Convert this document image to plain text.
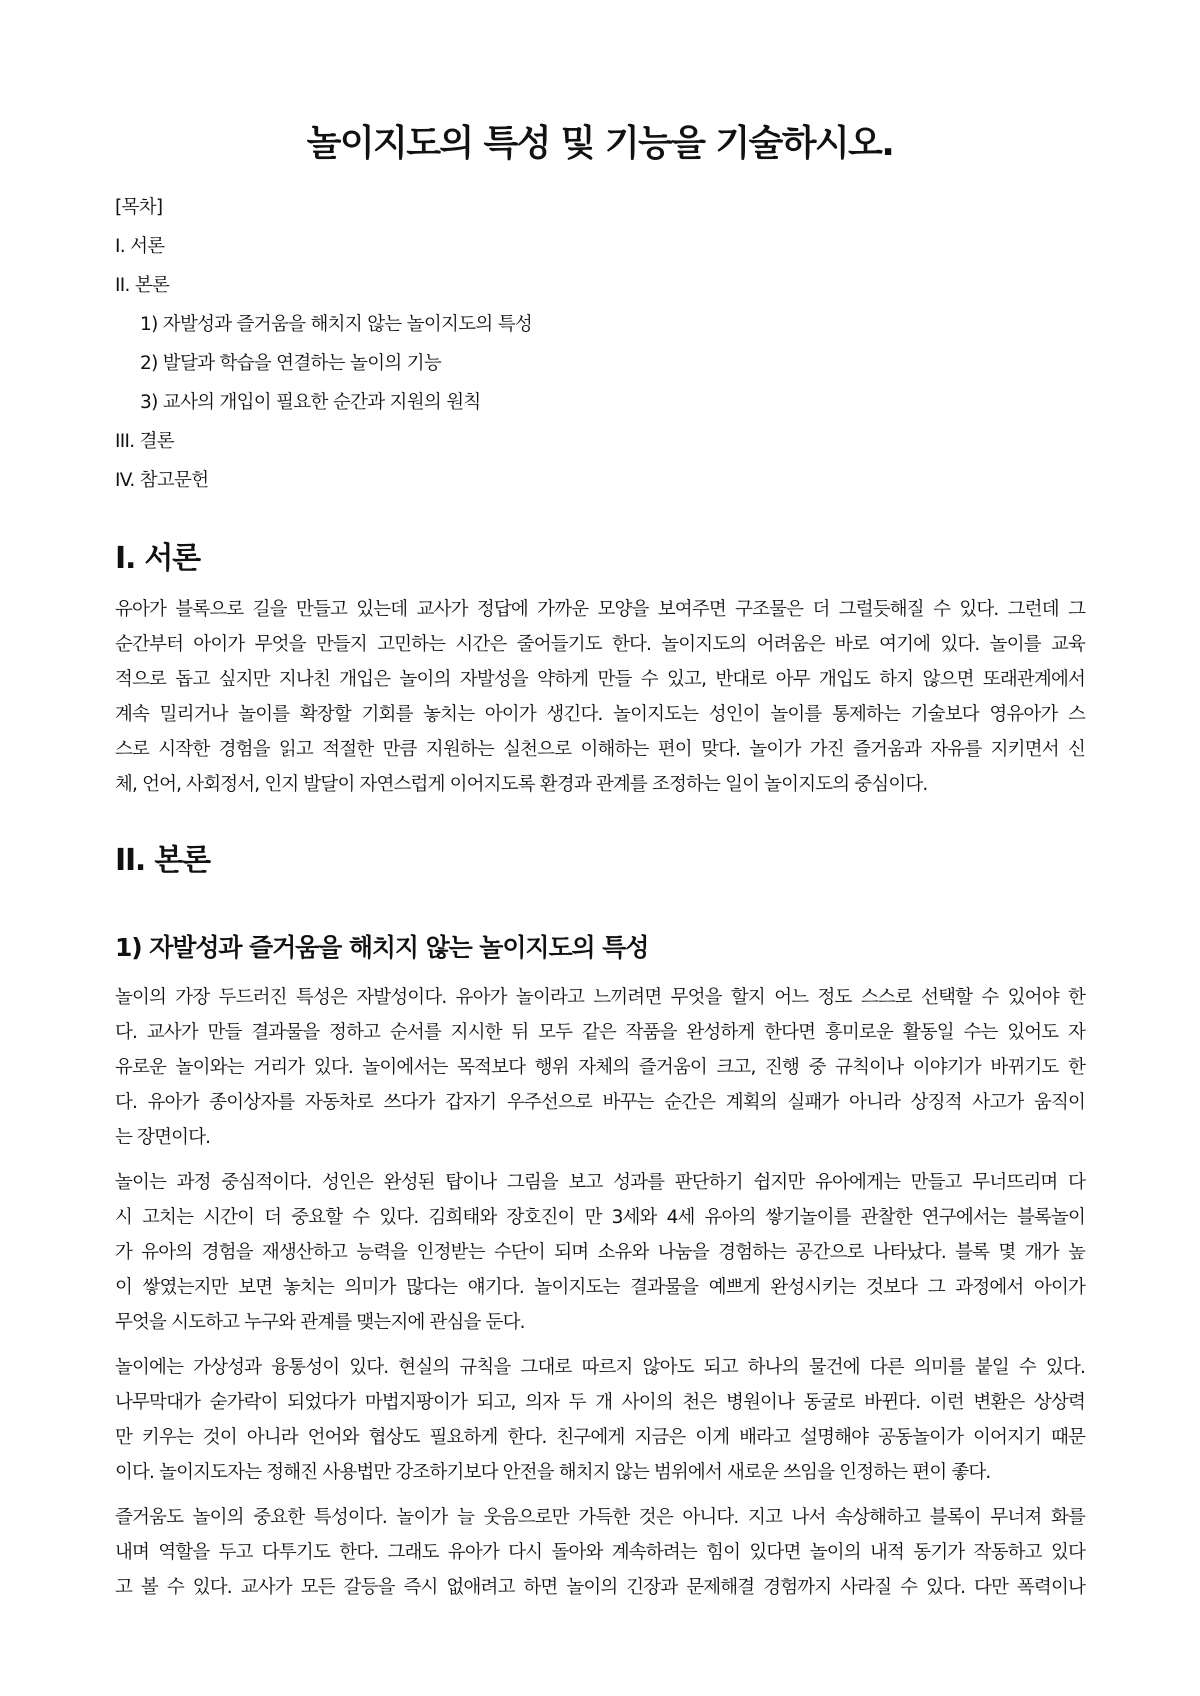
놀이지도의 특성 및 기능을 기술하시오.
[목차]
I. 서론
II. 본론
1) 자발성과 즐거움을 해치지 않는 놀이지도의 특성
2) 발달과 학습을 연결하는 놀이의 기능
3) 교사의 개입이 필요한 순간과 지원의 원칙
III. 결론
IV. 참고문헌
I. 서론

유아가 블록으로 길을 만들고 있는데 교사가 정답에 가까운 모양을 보여주면 구조물은 더 그럴듯해질 수 있다. 그런데 그
순간부터 아이가 무엇을 만들지 고민하는 시간은 줄어들기도 한다. 놀이지도의 어려움은 바로 여기에 있다. 놀이를 교육
적으로 돕고 싶지만 지나친 개입은 놀이의 자발성을 약하게 만들 수 있고, 반대로 아무 개입도 하지 않으면 또래관계에서
계속 밀리거나 놀이를 확장할 기회를 놓치는 아이가 생긴다. 놀이지도는 성인이 놀이를 통제하는 기술보다 영유아가 스
스로 시작한 경험을 읽고 적절한 만큼 지원하는 실천으로 이해하는 편이 맞다. 놀이가 가진 즐거움과 자유를 지키면서 신
체, 언어, 사회정서, 인지 발달이 자연스럽게 이어지도록 환경과 관계를 조정하는 일이 놀이지도의 중심이다.

II. 본론
1) 자발성과 즐거움을 해치지 않는 놀이지도의 특성

놀이의 가장 두드러진 특성은 자발성이다. 유아가 놀이라고 느끼려면 무엇을 할지 어느 정도 스스로 선택할 수 있어야 한
다. 교사가 만들 결과물을 정하고 순서를 지시한 뒤 모두 같은 작품을 완성하게 한다면 흥미로운 활동일 수는 있어도 자
유로운 놀이와는 거리가 있다. 놀이에서는 목적보다 행위 자체의 즐거움이 크고, 진행 중 규칙이나 이야기가 바뀌기도 한
다. 유아가 종이상자를 자동차로 쓰다가 갑자기 우주선으로 바꾸는 순간은 계획의 실패가 아니라 상징적 사고가 움직이
는 장면이다.

놀이는 과정 중심적이다. 성인은 완성된 탑이나 그림을 보고 성과를 판단하기 쉽지만 유아에게는 만들고 무너뜨리며 다
시 고치는 시간이 더 중요할 수 있다. 김희태와 장호진이 만 3세와 4세 유아의 쌓기놀이를 관찰한 연구에서는 블록놀이
가 유아의 경험을 재생산하고 능력을 인정받는 수단이 되며 소유와 나눔을 경험하는 공간으로 나타났다. 블록 몇 개가 높
이 쌓였는지만 보면 놓치는 의미가 많다는 얘기다. 놀이지도는 결과물을 예쁘게 완성시키는 것보다 그 과정에서 아이가
무엇을 시도하고 누구와 관계를 맺는지에 관심을 둔다.

놀이에는 가상성과 융통성이 있다. 현실의 규칙을 그대로 따르지 않아도 되고 하나의 물건에 다른 의미를 붙일 수 있다.
나무막대가 숟가락이 되었다가 마법지팡이가 되고, 의자 두 개 사이의 천은 병원이나 동굴로 바뀐다. 이런 변환은 상상력
만 키우는 것이 아니라 언어와 협상도 필요하게 한다. 친구에게 지금은 이게 배라고 설명해야 공동놀이가 이어지기 때문
이다. 놀이지도자는 정해진 사용법만 강조하기보다 안전을 해치지 않는 범위에서 새로운 쓰임을 인정하는 편이 좋다.

즐거움도 놀이의 중요한 특성이다. 놀이가 늘 웃음으로만 가득한 것은 아니다. 지고 나서 속상해하고 블록이 무너져 화를
내며 역할을 두고 다투기도 한다. 그래도 유아가 다시 돌아와 계속하려는 힘이 있다면 놀이의 내적 동기가 작동하고 있다
고 볼 수 있다. 교사가 모든 갈등을 즉시 없애려고 하면 놀이의 긴장과 문제해결 경험까지 사라질 수 있다. 다만 폭력이나
